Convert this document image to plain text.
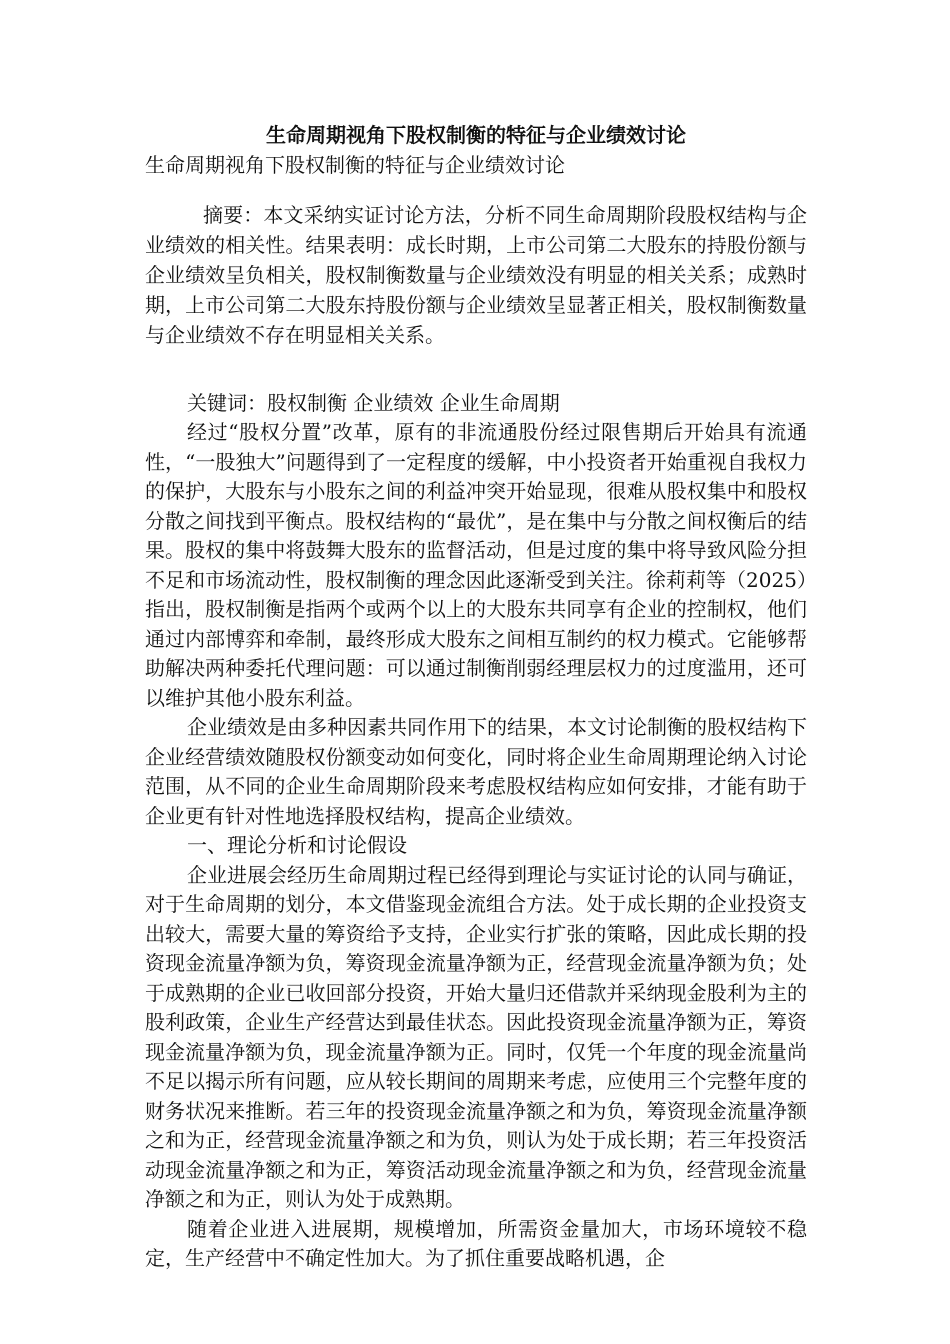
生命周期视角下股权制衡的特征与企业绩效讨论

生命周期视角下股权制衡的特征与企业绩效讨论

摘要：本文采纳实证讨论方法，分析不同生命周期阶段股权结构与企业绩效的相关性。结果表明：成长时期，上市公司第二大股东的持股份额与企业绩效呈负相关，股权制衡数量与企业绩效没有明显的相关关系；成熟时期，上市公司第二大股东持股份额与企业绩效呈显著正相关，股权制衡数量与企业绩效不存在明显相关关系。

关键词：股权制衡 企业绩效 企业生命周期

经过“股权分置”改革，原有的非流通股份经过限售期后开始具有流通性，“一股独大”问题得到了一定程度的缓解，中小投资者开始重视自我权力的保护，大股东与小股东之间的利益冲突开始显现，很难从股权集中和股权分散之间找到平衡点。股权结构的“最优”，是在集中与分散之间权衡后的结果。股权的集中将鼓舞大股东的监督活动，但是过度的集中将导致风险分担不足和市场流动性，股权制衡的理念因此逐渐受到关注。徐莉莉等（2025）指出，股权制衡是指两个或两个以上的大股东共同享有企业的控制权，他们通过内部博弈和牵制，最终形成大股东之间相互制约的权力模式。它能够帮助解决两种委托代理问题：可以通过制衡削弱经理层权力的过度滥用，还可以维护其他小股东利益。

企业绩效是由多种因素共同作用下的结果，本文讨论制衡的股权结构下企业经营绩效随股权份额变动如何变化，同时将企业生命周期理论纳入讨论范围，从不同的企业生命周期阶段来考虑股权结构应如何安排，才能有助于企业更有针对性地选择股权结构，提高企业绩效。

一、理论分析和讨论假设

企业进展会经历生命周期过程已经得到理论与实证讨论的认同与确证，对于生命周期的划分，本文借鉴现金流组合方法。处于成长期的企业投资支出较大，需要大量的筹资给予支持，企业实行扩张的策略，因此成长期的投资现金流量净额为负，筹资现金流量净额为正，经营现金流量净额为负；处于成熟期的企业已收回部分投资，开始大量归还借款并采纳现金股利为主的股利政策，企业生产经营达到最佳状态。因此投资现金流量净额为正，筹资现金流量净额为负，现金流量净额为正。同时，仅凭一个年度的现金流量尚不足以揭示所有问题，应从较长期间的周期来考虑，应使用三个完整年度的财务状况来推断。若三年的投资现金流量净额之和为负，筹资现金流量净额之和为正，经营现金流量净额之和为负，则认为处于成长期；若三年投资活动现金流量净额之和为正，筹资活动现金流量净额之和为负，经营现金流量净额之和为正，则认为处于成熟期。

随着企业进入进展期，规模增加，所需资金量加大，市场环境较不稳定，生产经营中不确定性加大。为了抓住重要战略机遇，企
